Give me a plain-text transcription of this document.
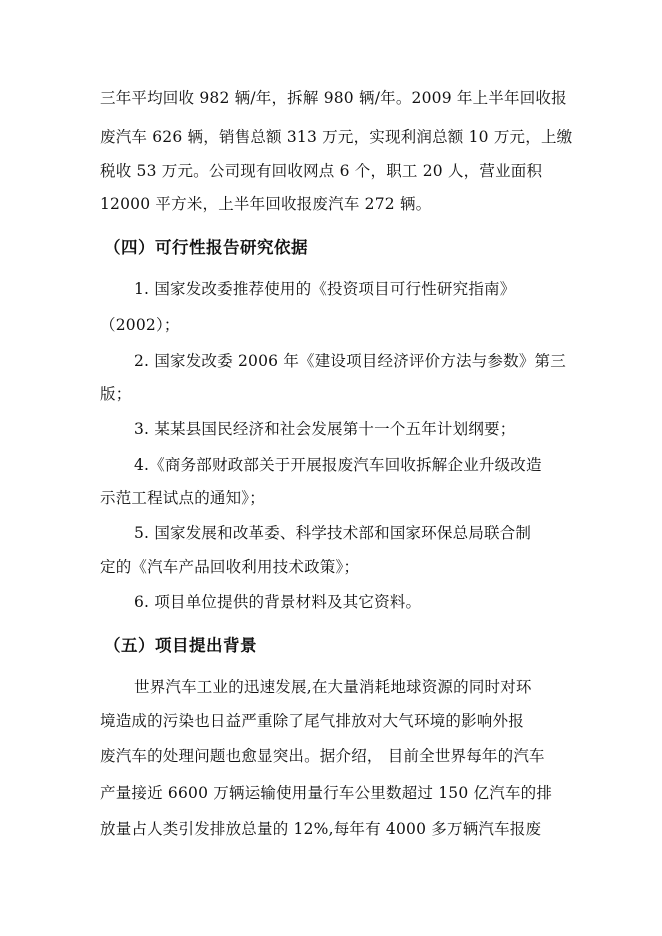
三年平均回收 982 辆/年，拆解 980 辆/年。2009 年上半年回收报
废汽车 626 辆，销售总额 313 万元，实现利润总额 10 万元，上缴
税收 53 万元。公司现有回收网点 6 个，职工 20 人，营业面积
12000 平方米，上半年回收报废汽车 272 辆。
（四）可行性报告研究依据
1. 国家发改委推荐使用的《投资项目可行性研究指南》
（2002）；
2. 国家发改委 2006 年《建设项目经济评价方法与参数》第三
版；
3. 某某县国民经济和社会发展第十一个五年计划纲要；
4.《商务部财政部关于开展报废汽车回收拆解企业升级改造
示范工程试点的通知》；
5. 国家发展和改革委、科学技术部和国家环保总局联合制
定的《汽车产品回收利用技术政策》；
6. 项目单位提供的背景材料及其它资料。
（五）项目提出背景
世界汽车工业的迅速发展,在大量消耗地球资源的同时对环
境造成的污染也日益严重除了尾气排放对大气环境的影响外报
废汽车的处理问题也愈显突出。据介绍， 目前全世界每年的汽车
产量接近 6600 万辆运输使用量行车公里数超过 150 亿汽车的排
放量占人类引发排放总量的 12%,每年有 4000 多万辆汽车报废
